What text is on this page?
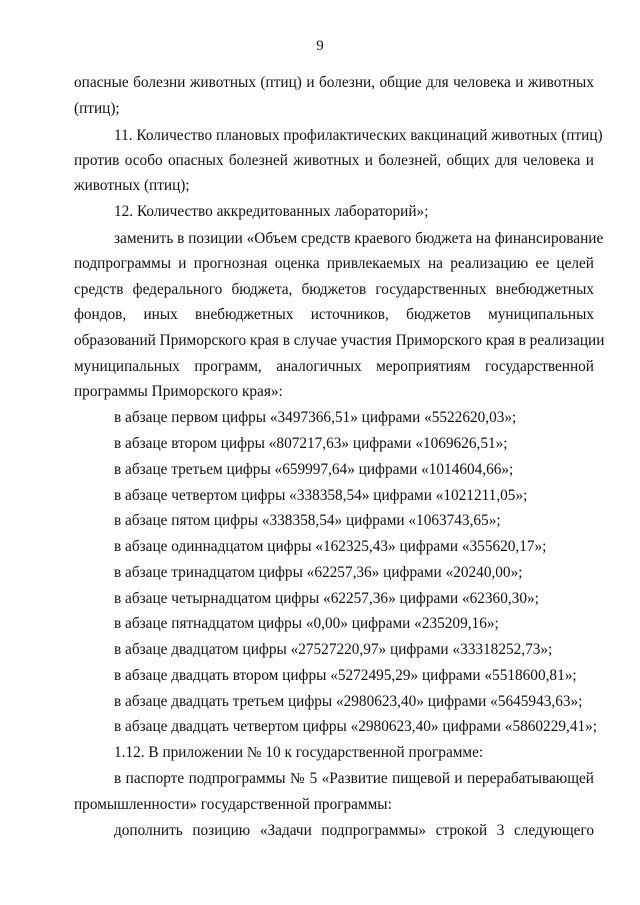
9
опасные болезни животных (птиц) и болезни, общие для человека и животных
(птиц);
11. Количество плановых профилактических вакцинаций животных (птиц)
против особо опасных болезней животных и болезней, общих для человека и
животных (птиц);
12. Количество аккредитованных лабораторий»;
заменить в позиции «Объем средств краевого бюджета на финансирование
подпрограммы и прогнозная оценка привлекаемых на реализацию ее целей
средств федерального бюджета, бюджетов государственных внебюджетных
фондов, иных внебюджетных источников, бюджетов муниципальных
образований Приморского края в случае участия Приморского края в реализации
муниципальных программ, аналогичных мероприятиям государственной
программы Приморского края»:
в абзаце первом цифры «3497366,51» цифрами «5522620,03»;
в абзаце втором цифры «807217,63» цифрами «1069626,51»;
в абзаце третьем цифры «659997,64» цифрами «1014604,66»;
в абзаце четвертом цифры «338358,54» цифрами «1021211,05»;
в абзаце пятом цифры «338358,54» цифрами «1063743,65»;
в абзаце одиннадцатом цифры «162325,43» цифрами «355620,17»;
в абзаце тринадцатом цифры «62257,36» цифрами «20240,00»;
в абзаце четырнадцатом цифры «62257,36» цифрами «62360,30»;
в абзаце пятнадцатом цифры «0,00» цифрами «235209,16»;
в абзаце двадцатом цифры «27527220,97» цифрами «33318252,73»;
в абзаце двадцать втором цифры «5272495,29» цифрами «5518600,81»;
в абзаце двадцать третьем цифры «2980623,40» цифрами «5645943,63»;
в абзаце двадцать четвертом цифры «2980623,40» цифрами «5860229,41»;
1.12. В приложении № 10 к государственной программе:
в паспорте подпрограммы № 5 «Развитие пищевой и перерабатывающей
промышленности» государственной программы:
дополнить позицию «Задачи подпрограммы» строкой 3 следующего
